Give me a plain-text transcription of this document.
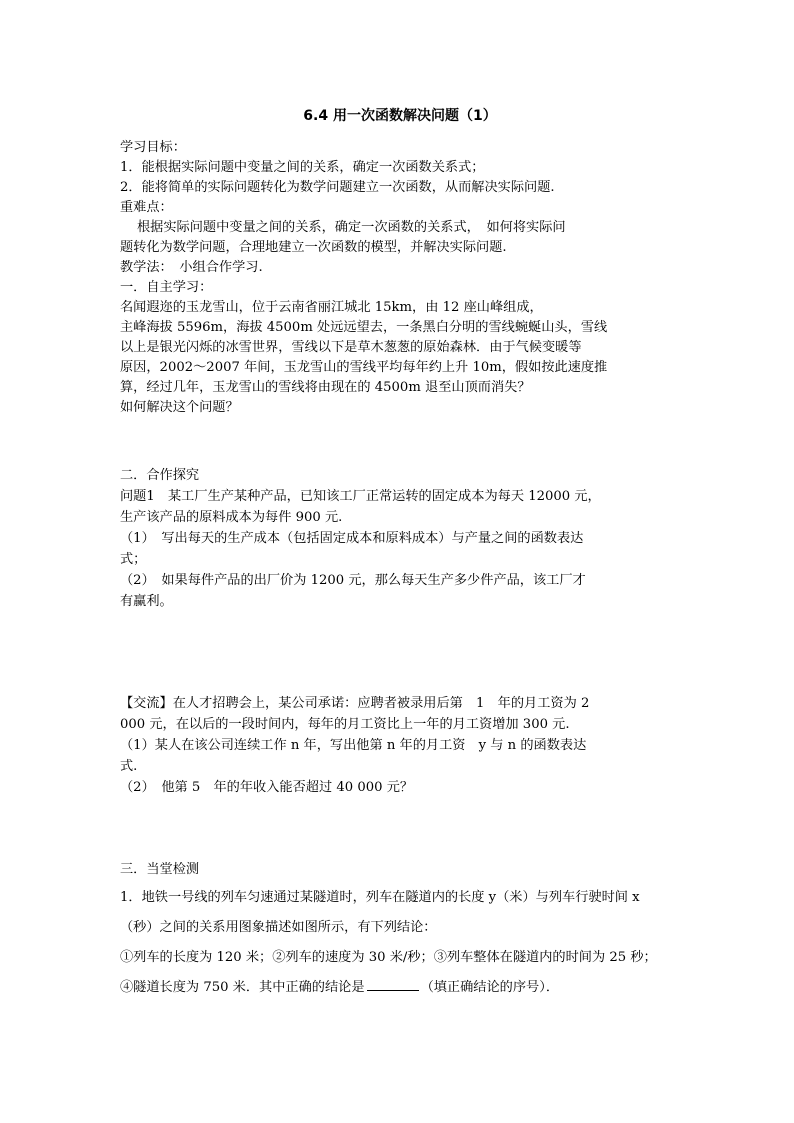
6.4 用一次函数解决问题（1）

学习目标：

1．能根据实际问题中变量之间的关系，确定一次函数关系式；

2．能将简单的实际问题转化为数学问题建立一次函数，从而解决实际问题.

重难点：

根据实际问题中变量之间的关系，确定一次函数的关系式，　如何将实际问

题转化为数学问题，合理地建立一次函数的模型，并解决实际问题.

教学法：　小组合作学习.

一．自主学习：

名闻遐迩的玉龙雪山，位于云南省丽江城北 15km，由 12 座山峰组成，

主峰海拔 5596m，海拔 4500m 处远远望去，一条黑白分明的雪线蜿蜒山头，雪线

以上是银光闪烁的冰雪世界，雪线以下是草木葱葱的原始森林．由于气候变暖等

原因，2002～2007 年间，玉龙雪山的雪线平均每年约上升 10m，假如按此速度推

算，经过几年，玉龙雪山的雪线将由现在的 4500m 退至山顶而消失？

如何解决这个问题？

二．合作探究

问题1　某工厂生产某种产品，已知该工厂正常运转的固定成本为每天 12000 元，

生产该产品的原料成本为每件 900 元.

（1）　写出每天的生产成本（包括固定成本和原料成本）与产量之间的函数表达

式；

（2）　如果每件产品的出厂价为 1200 元，那么每天生产多少件产品，该工厂才

有赢利。

【交流】在人才招聘会上，某公司承诺：应聘者被录用后第　1　年的月工资为 2

000 元，在以后的一段时间内，每年的月工资比上一年的月工资增加 300 元.

（1）某人在该公司连续工作 n 年，写出他第 n 年的月工资　y 与 n 的函数表达

式.

（2）　他第 5　年的年收入能否超过 40 000 元？

三．当堂检测

1．地铁一号线的列车匀速通过某隧道时，列车在隧道内的长度 y（米）与列车行驶时间 x

（秒）之间的关系用图象描述如图所示，有下列结论：

①列车的长度为 120 米；②列车的速度为 30 米/秒；③列车整体在隧道内的时间为 25 秒；

④隧道长度为 750 米．其中正确的结论是	（填正确结论的序号）．
